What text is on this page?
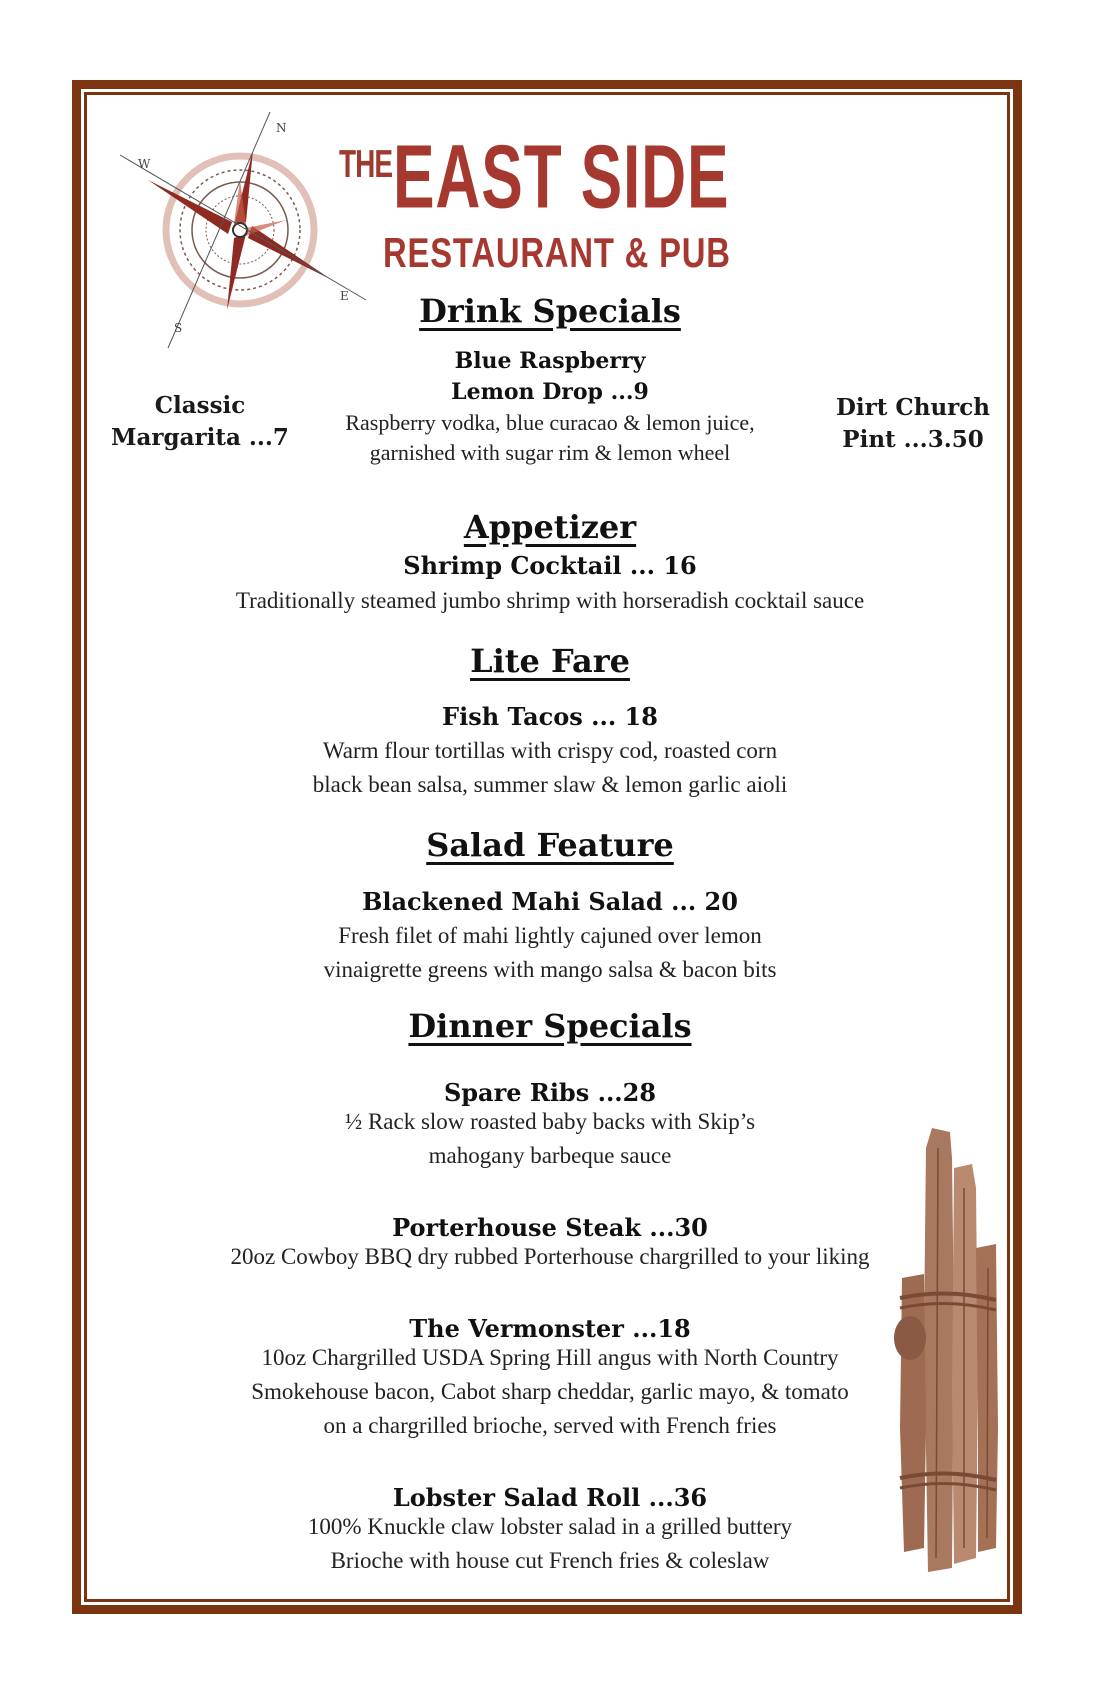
N
W
S
E
THE EAST SIDE
RESTAURANT & PUB
Drink Specials
Classic
Margarita ...7
Blue Raspberry
Lemon Drop ...9
Raspberry vodka, blue curacao & lemon juice,
garnished with sugar rim & lemon wheel
Dirt Church
Pint ...3.50
Appetizer
Shrimp Cocktail ... 16
Traditionally steamed jumbo shrimp with horseradish cocktail sauce
Lite Fare
Fish Tacos ... 18
Warm flour tortillas with crispy cod, roasted corn
black bean salsa, summer slaw & lemon garlic aioli
Salad Feature
Blackened Mahi Salad ... 20
Fresh filet of mahi lightly cajuned over lemon
vinaigrette greens with mango salsa & bacon bits
Dinner Specials
Spare Ribs ...28
½ Rack slow roasted baby backs with Skip’s
mahogany barbeque sauce
Porterhouse Steak ...30
20oz Cowboy BBQ dry rubbed Porterhouse chargrilled to your liking
The Vermonster ...18
10oz Chargrilled USDA Spring Hill angus with North Country
Smokehouse bacon, Cabot sharp cheddar, garlic mayo, & tomato
on a chargrilled brioche, served with French fries
Lobster Salad Roll ...36
100% Knuckle claw lobster salad in a grilled buttery
Brioche with house cut French fries & coleslaw
